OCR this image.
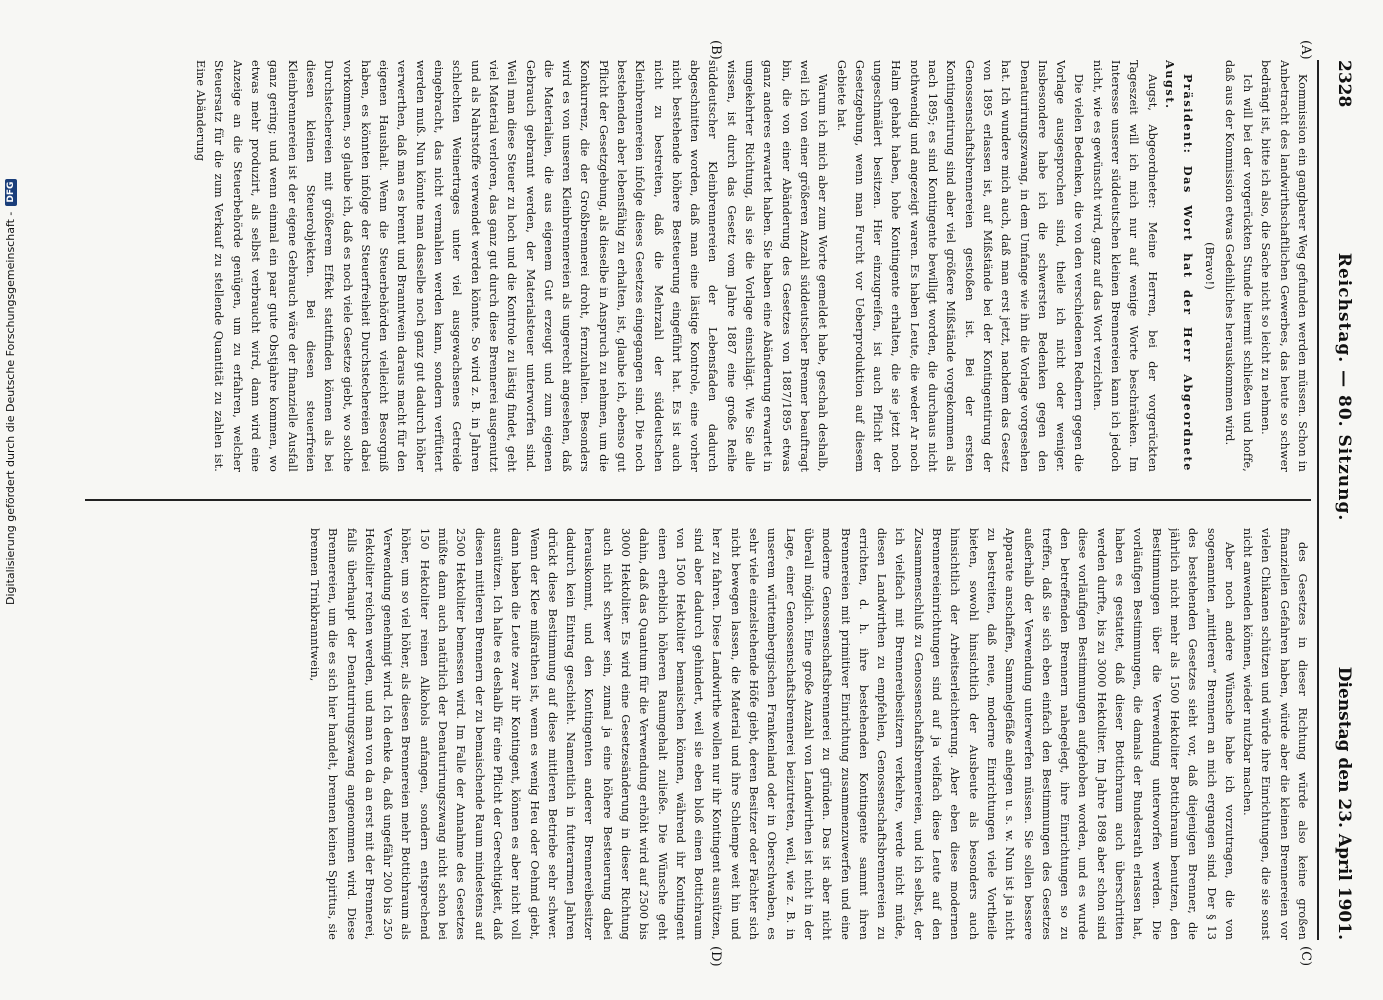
2328
Reichstag. — 80. Sitzung.
Dienstag den 23. April 1901.
(A)
(B)
(C)
(D)

Kommission ein gangbarer Weg gefunden werden müssen. Schon in Anbetracht des landwirthschaftlichen Gewerbes, das heute so schwer bedrängt ist, bitte ich also, die Sache nicht so leicht zu nehmen.

Ich will bei der vorgerückten Stunde hiermit schließen und hoffe, daß aus der Kommission etwas Gedeihliches herauskommen wird.

(Bravo!)

Präsident: Das Wort hat der Herr Abgeordnete Augst.

Augst, Abgeordneter: Meine Herren, bei der vorgerückten Tageszeit will ich mich nur auf wenige Worte beschränken. Im Interesse unserer süddeutschen kleinen Brennereien kann ich jedoch nicht, wie es gewünscht wird, ganz auf das Wort verzichten.

Die vielen Bedenken, die von den verschiedenen Rednern gegen die Vorlage ausgesprochen sind, theile ich nicht oder weniger. Insbesondere habe ich die schwersten Bedenken gegen den Denaturirungszwang, in dem Umfange wie ihn die Vorlage vorgesehen hat. Ich wundere mich auch, daß man erst jetzt, nachdem das Gesetz von 1895 erlassen ist, auf Mißstände bei der Kontingentirung der Genossenschaftsbrennereien gestoßen ist. Bei der ersten Kontingentirung sind aber viel größere Mißstände vorgekommen als nach 1895; es sind Kontingente bewilligt worden, die durchaus nicht nothwendig und angezeigt waren. Es haben Leute, die weder Ar noch Halm gehabt haben, hohe Kontingente erhalten, die sie jetzt noch ungeschmälert besitzen. Hier einzugreifen, ist auch Pflicht der Gesetzgebung, wenn man Furcht vor Ueberproduktion auf diesem Gebiete hat.

Warum ich mich aber zum Worte gemeldet habe, geschah deshalb, weil ich von einer größeren Anzahl süddeutscher Brenner beauftragt bin, die von einer Abänderung des Gesetzes von 1887/1895 etwas ganz anderes erwartet haben. Sie haben eine Abänderung erwartet in umgekehrter Richtung, als sie die Vorlage einschlägt. Wie Sie alle wissen, ist durch das Gesetz vom Jahre 1887 eine große Reihe süddeutscher Kleinbrennereien der Lebensfaden dadurch abgeschnitten worden, daß man eine lästige Kontrole, eine vorher nicht bestehende höhere Besteuerung eingeführt hat. Es ist auch nicht zu bestreiten, daß die Mehrzahl der süddeutschen Kleinbrennereien infolge dieses Gesetzes eingegangen sind. Die noch bestehenden aber lebensfähig zu erhalten, ist, glaube ich, ebenso gut Pflicht der Gesetzgebung, als dieselbe in Anspruch zu nehmen, um die Konkurrenz, die der Großbrennerei droht, fernzuhalten. Besonders wird es von unseren Kleinbrennereien als ungerecht angesehen, daß die Materialien, die aus eigenem Gut erzeugt und zum eigenen Gebrauch gebrannt werden, der Materialsteuer unterworfen sind. Weil man diese Steuer zu hoch und die Kontrole zu lästig findet, geht viel Material verloren, das ganz gut durch diese Brennerei ausgenutzt und als Nahrstoffe verwendet werden könnte. So wird z. B. in Jahren schlechten Weinertrages unter viel ausgewachsenes Getreide eingebracht, das nicht vermahlen werden kann, sondern verfüttert werden muß. Nun könnte man dasselbe noch ganz gut dadurch höher verwerthen, daß man es brennt und Branntwein daraus macht für den eigenen Haushalt. Wenn die Steuerbehörden vielleicht Besorgniß haben, es könnten infolge der Steuerfreiheit Durchstechereien dabei vorkommen, so glaube ich, daß es noch viele Gesetze giebt, wo solche Durchstechereien mit größerem Effekt stattfinden können als bei diesen kleinen Steuerobjekten. Bei diesen steuerfreien Kleinbrennereien ist der eigene Gebrauch wäre der finanzielle Ausfall ganz gering; und wenn einmal ein paar gute Obstjahre kommen, wo etwas mehr produzirt, als selbst verbraucht wird, dann wird eine Anzeige an die Steuerbehörde genügen, um zu erfahren, welcher Steuersatz für die zum Verkauf zu stellende Quantität zu zahlen ist. Eine Abänderung

des Gesetzes in dieser Richtung würde also keine großen finanziellen Gefahren haben, würde aber die kleinen Brennereien vor vielen Chikanen schützen und würde ihre Einrichtungen, die sie sonst nicht anwenden können, wieder nutzbar machen.

Aber noch andere Wünsche habe ich vorzutragen, die von sogenannten „mittleren“ Brennern an mich ergangen sind. Der § 13 des bestehenden Gesetzes sieht vor, daß diejenigen Brenner, die jährlich nicht mehr als 1500 Hektoliter Bottichraum benutzen, den Bestimmungen über die Verwendung unterworfen werden. Die vorläufigen Bestimmungen, die damals der Bundesrath erlassen hat, haben es gestattet, daß dieser Bottichraum auch überschritten werden durfte, bis zu 3000 Hektoliter. Im Jahre 1898 aber schon sind diese vorläufigen Bestimmungen aufgehoben worden, und es wurde den betreffenden Brennern nahegelegt, ihre Einrichtungen so zu treffen, daß sie sich eben einfach den Bestimmungen des Gesetzes außerhalb der Verwendung unterwerfen müssen. Sie sollen bessere Apparate anschaffen, Sammelgefäße anlegen u. s. w. Nun ist ja nicht zu bestreiten, daß neue, moderne Einrichtungen viele Vortheile bieten, sowohl hinsichtlich der Ausbeute als besonders auch hinsichtlich der Arbeitserleichterung. Aber eben diese modernen Brennereieinrichtungen sind auf ja vielfach diese Leute auf den Zusammenschluß zu Genossenschaftsbrennereien, und ich selbst, der ich vielfach mit Brennereibesitzern verkehre, werde nicht müde, diesen Landwirthen zu empfehlen, Genossenschaftsbrennereien zu errichten, d. h. ihre bestehenden Kontingente sammt ihren Brennereien mit primitiver Einrichtung zusammenzuwerfen und eine moderne Genossenschaftsbrennerei zu gründen. Das ist aber nicht überall möglich. Eine große Anzahl von Landwirthen ist nicht in der Lage, einer Genossenschaftsbrennerei beizutreten, weil, wie z. B. in unserem württembergischen Frankenland oder in Oberschwaben, es sehr viele einzelstehende Höfe giebt, deren Besitzer oder Pächter sich nicht bewegen lassen, die Material und ihre Schlempe weit hin und her zu fahren. Diese Landwirthe wollen nur ihr Kontingent ausnützen, sind aber dadurch gehindert, weil sie eben bloß einen Bottichraum von 1500 Hektoliter bemaischen können, während ihr Kontingent einen erheblich höheren Raumgehalt zuließe. Die Wünsche geht dahin, daß das Quantum für die Verwendung erhöht wird auf 2500 bis 3000 Hektoliter. Es wird eine Gesetzesänderung in dieser Richtung auch nicht schwer sein, zumal ja eine höhere Besteuerung dabei herauskommt, und den Kontingenten anderer Brennereibesitzer dadurch kein Eintrag geschieht. Namentlich in futterarmen Jahren drückt diese Bestimmung auf diese mittleren Betriebe sehr schwer. Wenn der Klee mißrathen ist, wenn es wenig Heu oder Oehmd giebt, dann haben die Leute zwar ihr Kontingent, können es aber nicht voll ausnützen. Ich halte es deshalb für eine Pflicht der Gerechtigkeit, daß diesen mittleren Brennern der zu bemaischende Raum mindestens auf 2500 Hektoliter bemessen wird. Im Falle der Annahme des Gesetzes müßte dann auch natürlich der Denaturirungszwang nicht schon bei 150 Hektoliter reinen Alkohols anfangen, sondern entsprechend höher, um so viel höher, als diesen Brennereien mehr Bottichraum als Verwendung genehmigt wird. Ich denke da, daß ungefähr 200 bis 250 Hektoliter reichen werden, und man von da an erst mit der Brennerei, falls überhaupt der Denaturirungszwang angenommen wird. Diese Brennereien, um die es sich hier handelt, brennen keinen Spiritus, sie brennen Trinkbranntwein,

Digitalisierung gefördert durch die Deutsche Forschungsgemeinschaft -
DFG
